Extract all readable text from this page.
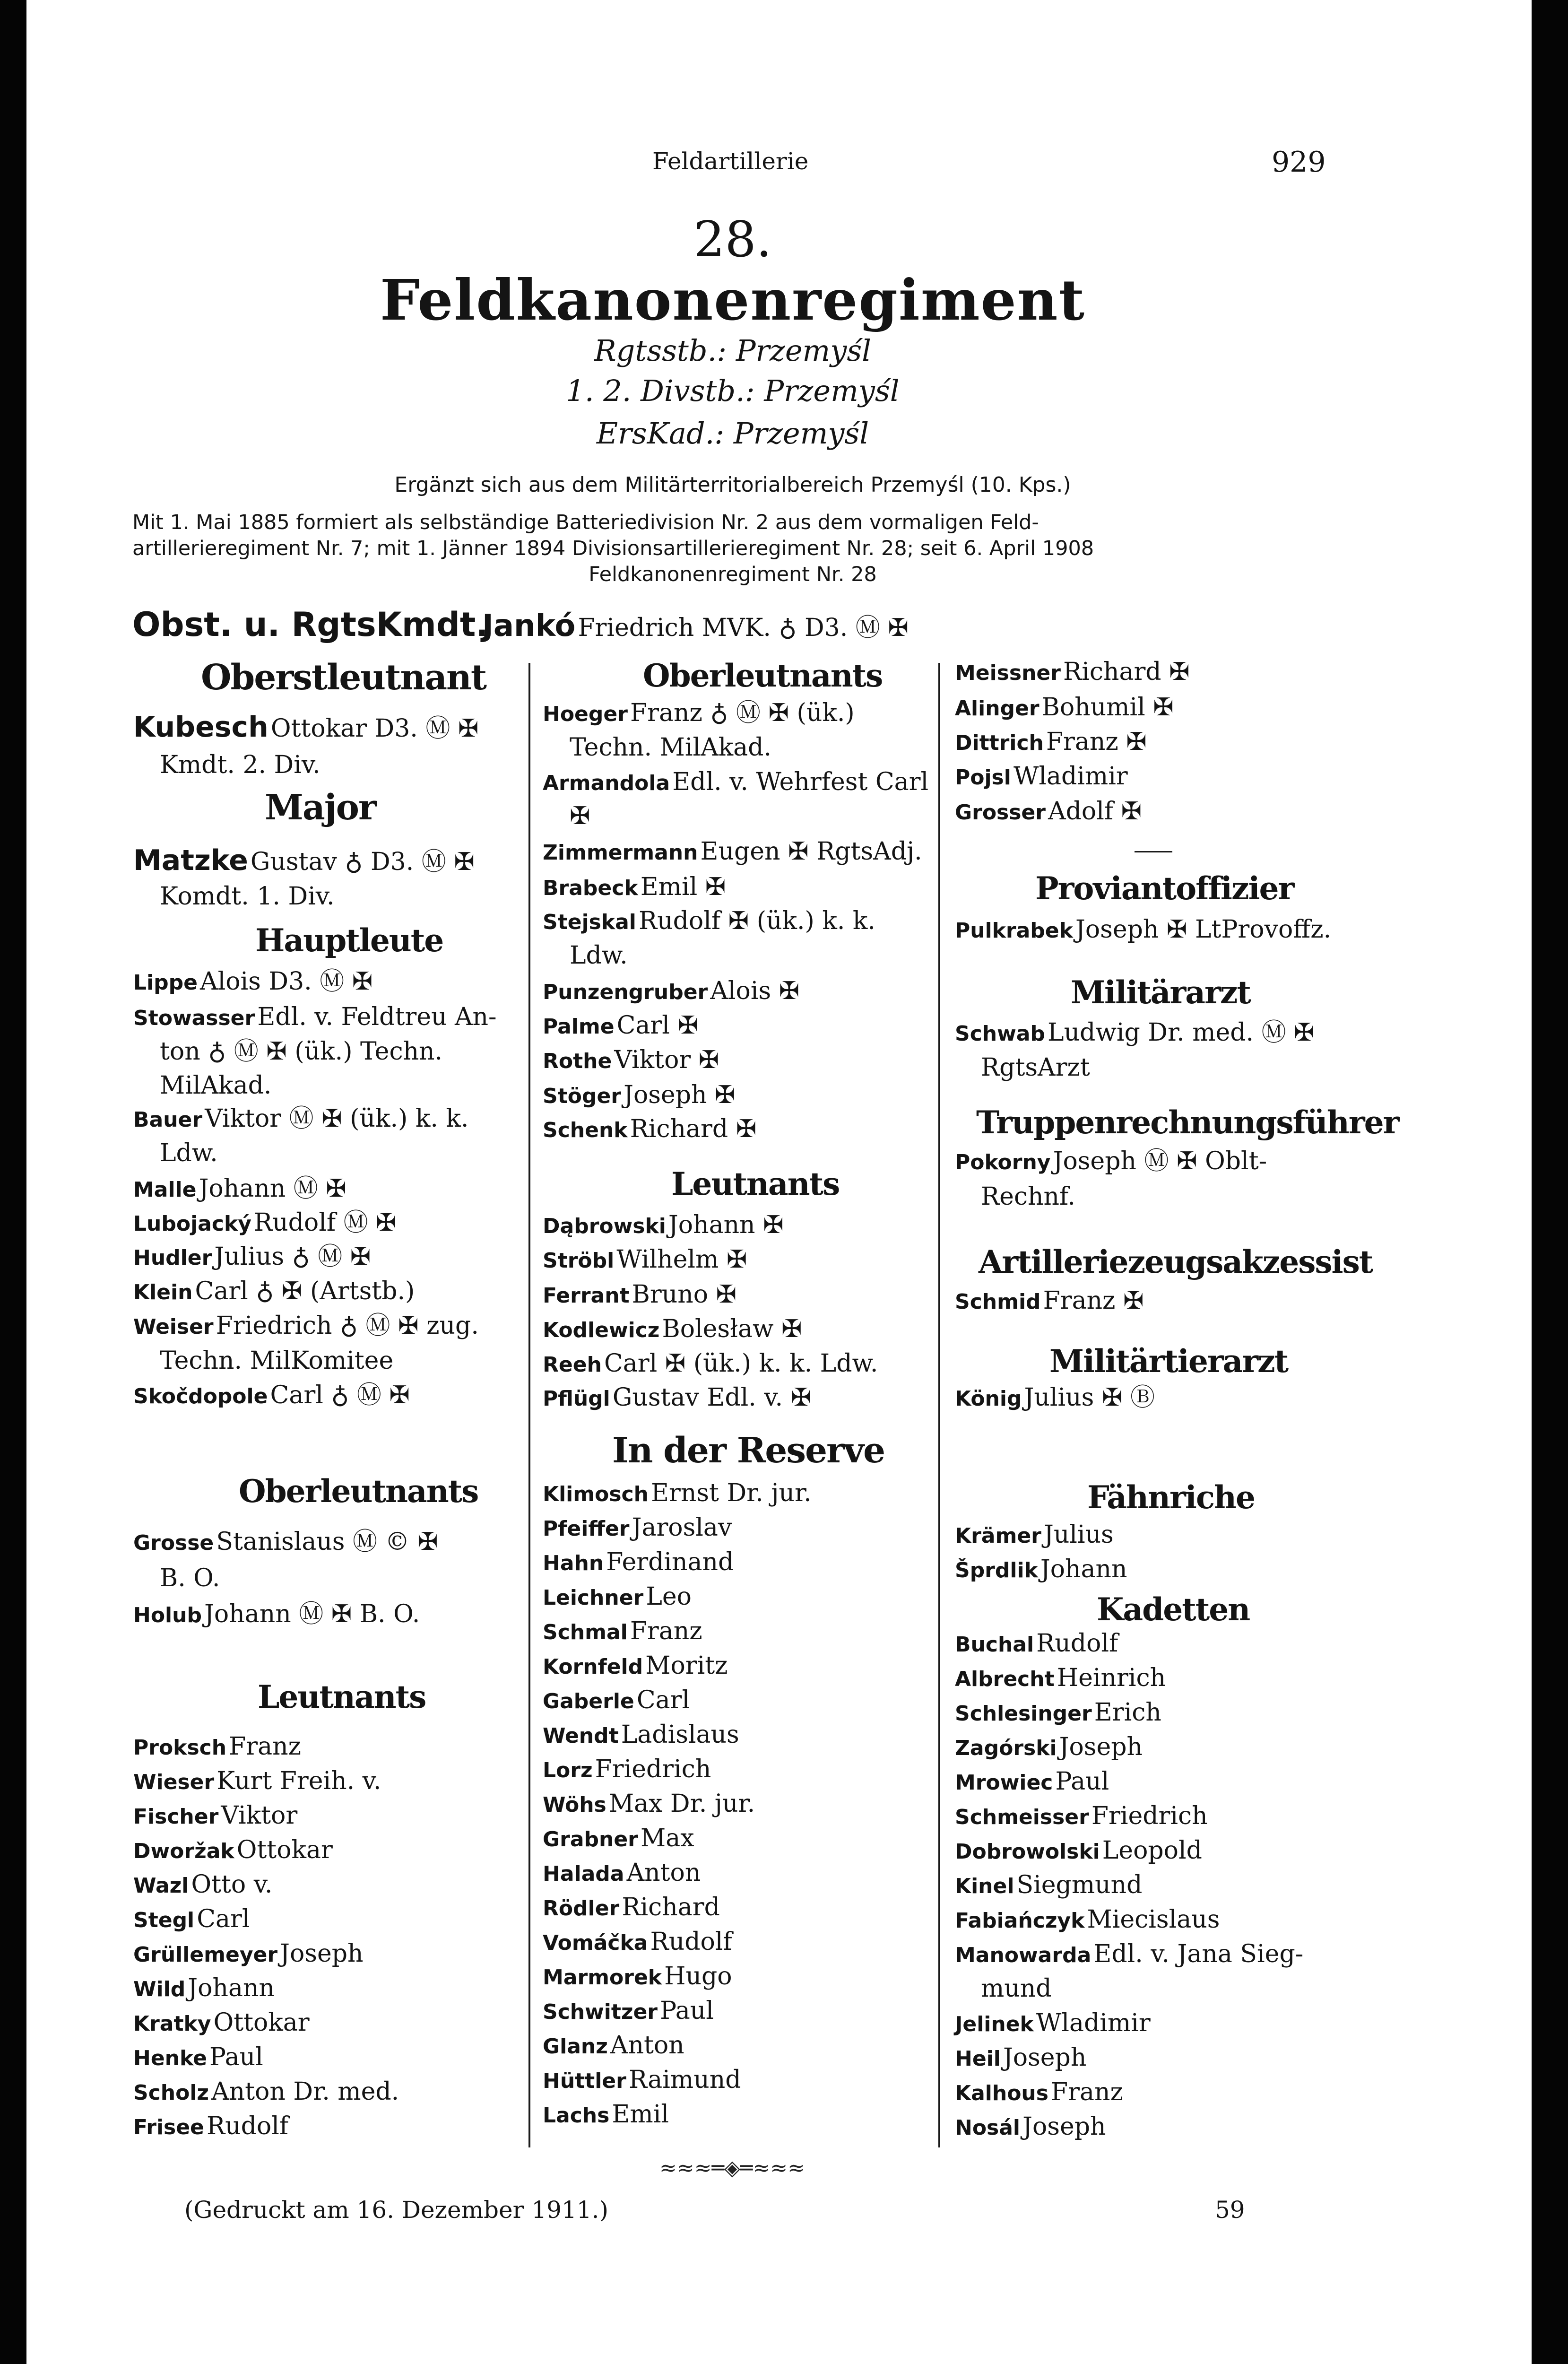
Feldartillerie	929
28.
Feldkanonenregiment
Rgtsstb.: Przemyśl
1. 2. Divstb.: Przemyśl
ErsKad.: Przemyśl
Ergänzt sich aus dem Militärterritorialbereich Przemyśl (10. Kps.)
Mit 1. Mai 1885 formiert als selbständige Batteriedivision Nr. 2 aus dem vormaligen Feld-
artillerieregiment Nr. 7; mit 1. Jänner 1894 Divisionsartillerieregiment Nr. 28; seit 6. April 1908
Feldkanonenregiment Nr. 28
Obst. u. RgtsKmdt.
Jankó Friedrich MVK. ♁ D3. Ⓜ ✠
Oberstleutnant
Kubesch Ottokar D3. Ⓜ ✠
Kmdt. 2. Div.
Major
Matzke Gustav ♁ D3. Ⓜ ✠
Komdt. 1. Div.
Hauptleute
Lippe Alois D3. Ⓜ ✠
Stowasser Edl. v. Feldtreu An-
ton ♁ Ⓜ ✠ (ük.) Techn.
MilAkad.
Bauer Viktor Ⓜ ✠ (ük.) k. k.
Ldw.
Malle Johann Ⓜ ✠
Lubojacký Rudolf Ⓜ ✠
Hudler Julius ♁ Ⓜ ✠
Klein Carl ♁ ✠ (Artstb.)
Weiser Friedrich ♁ Ⓜ ✠ zug.
Techn. MilKomitee
Skočdopole Carl ♁ Ⓜ ✠
Oberleutnants
Grosse Stanislaus Ⓜ © ✠
B. O.
Holub Johann Ⓜ ✠ B. O.
Leutnants
Proksch Franz
Wieser Kurt Freih. v.
Fischer Viktor
Dworžak Ottokar
Wazl Otto v.
Stegl Carl
Grüllemeyer Joseph
Wild Johann
Kratky Ottokar
Henke Paul
Scholz Anton Dr. med.
Frisee Rudolf
Oberleutnants
Hoeger Franz ♁ Ⓜ ✠ (ük.)
Techn. MilAkad.
Armandola Edl. v. Wehrfest Carl
✠
Zimmermann Eugen ✠ RgtsAdj.
Brabeck Emil ✠
Stejskal Rudolf ✠ (ük.) k. k.
Ldw.
Punzengruber Alois ✠
Palme Carl ✠
Rothe Viktor ✠
Stöger Joseph ✠
Schenk Richard ✠
Leutnants
Dąbrowski Johann ✠
Ströbl Wilhelm ✠
Ferrant Bruno ✠
Kodlewicz Bolesław ✠
Reeh Carl ✠ (ük.) k. k. Ldw.
Pflügl Gustav Edl. v. ✠
In der Reserve
Klimosch Ernst Dr. jur.
Pfeiffer Jaroslav
Hahn Ferdinand
Leichner Leo
Schmal Franz
Kornfeld Moritz
Gaberle Carl
Wendt Ladislaus
Lorz Friedrich
Wöhs Max Dr. jur.
Grabner Max
Halada Anton
Rödler Richard
Vomáčka Rudolf
Marmorek Hugo
Schwitzer Paul
Glanz Anton
Hüttler Raimund
Lachs Emil
Meissner Richard ✠
Alinger Bohumil ✠
Dittrich Franz ✠
Pojsl Wladimir
Grosser Adolf ✠
Proviantoffizier
Pulkrabek Joseph ✠ LtProvoffz.
Militärarzt
Schwab Ludwig Dr. med. Ⓜ ✠
RgtsArzt
Truppenrechnungsführer
Pokorny Joseph Ⓜ ✠ Oblt-
Rechnf.
Artilleriezeugsakzessist
Schmid Franz ✠
Militärtierarzt
König Julius ✠ Ⓑ
Fähnriche
Krämer Julius
Šprdlik Johann
Kadetten
Buchal Rudolf
Albrecht Heinrich
Schlesinger Erich
Zagórski Joseph
Mrowiec Paul
Schmeisser Friedrich
Dobrowolski Leopold
Kinel Siegmund
Fabiańczyk Miecislaus
Manowarda Edl. v. Jana Sieg-
mund
Jelinek Wladimir
Heil Joseph
Kalhous Franz
Nosál Joseph
≈≈≈═◈═≈≈≈
(Gedruckt am 16. Dezember 1911.)	59
